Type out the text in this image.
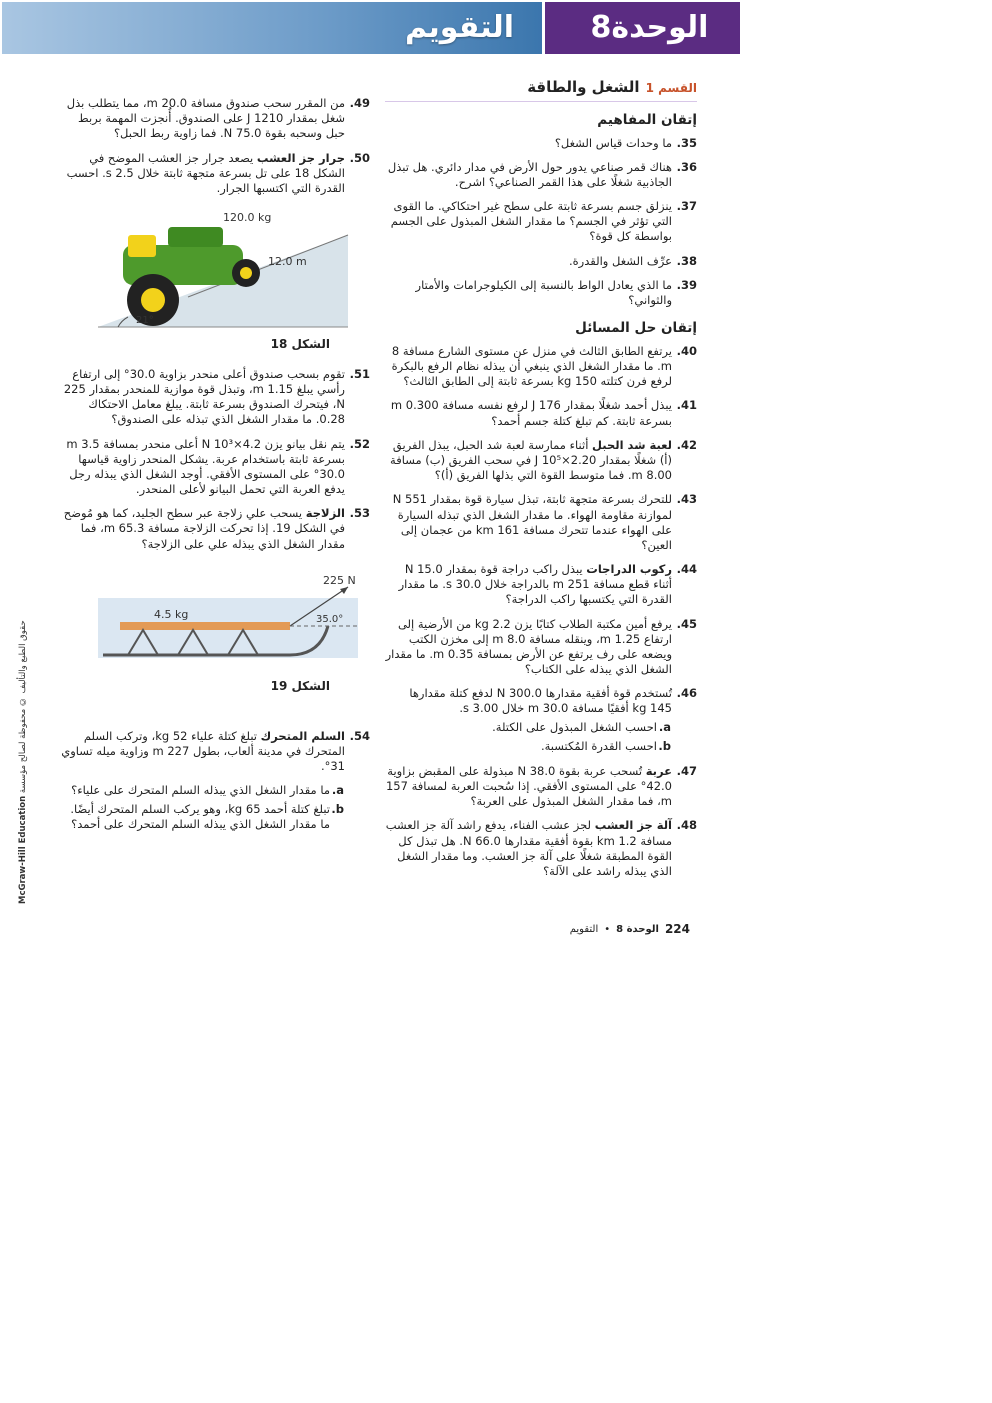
الوحدة
8
التقويم
القسم 1الشغل والطاقة
إتقان المفاهيم
35.
ما وحدات قياس الشغل؟
36.
هناك قمر صناعي يدور حول الأرض في مدار دائري. هل تبذل الجاذبية شغلًا على هذا القمر الصناعي؟ اشرح.
37.
ينزلق جسم بسرعة ثابتة على سطح غير احتكاكي. ما القوى التي تؤثر في الجسم؟ ما مقدار الشغل المبذول على الجسم بواسطة كل قوة؟
38.
عرِّف الشغل والقدرة.
39.
ما الذي يعادل الواط بالنسبة إلى الكيلوجرامات والأمتار والثواني؟
إتقان حل المسائل
40.
يرتفع الطابق الثالث في منزل عن مستوى الشارع مسافة 8 m. ما مقدار الشغل الذي ينبغي أن يبذله نظام الرفع بالبكرة لرفع فرن كتلته 150 kg بسرعة ثابتة إلى الطابق الثالث؟
41.
يبذل أحمد شغلًا بمقدار 176 J لرفع نفسه مسافة 0.300 m بسرعة ثابتة. كم تبلغ كتلة جسم أحمد؟
42.
لعبة شد الحبل أثناء ممارسة لعبة شد الحبل، يبذل الفريق (أ) شغلًا بمقدار 2.20×10⁵ J في سحب الفريق (ب) مسافة 8.00 m. فما متوسط القوة التي بذلها الفريق (أ)؟
43.
للتحرك بسرعة متجهة ثابتة، تبذل سيارة قوة بمقدار 551 N لموازنة مقاومة الهواء. ما مقدار الشغل الذي تبذله السيارة على الهواء عندما تتحرك مسافة 161 km من عجمان إلى العين؟
44.
ركوب الدراجات يبذل راكب دراجة قوة بمقدار 15.0 N أثناء قطع مسافة 251 m بالدراجة خلال 30.0 s. ما مقدار القدرة التي يكتسبها راكب الدراجة؟
45.
يرفع أمين مكتبة الطلاب كتابًا يزن 2.2 kg من الأرضية إلى ارتفاع 1.25 m، وينقله مسافة 8.0 m إلى مخزن الكتب ويضعه على رف يرتفع عن الأرض بمسافة 0.35 m. ما مقدار الشغل الذي يبذله على الكتاب؟
46.
تُستخدم قوة أفقية مقدارها 300.0 N لدفع كتلة مقدارها 145 kg أفقيًا مسافة 30.0 m خلال 3.00 s.
a.
احسب الشغل المبذول على الكتلة.
b.
احسب القدرة المُكتسبة.
47.
عربة تُسحب عربة بقوة 38.0 N مبذولة على المقبض بزاوية 42.0° على المستوى الأفقي. إذا سُحبت العربة لمسافة 157 m، فما مقدار الشغل المبذول على العربة؟
48.
آلة جز العشب لجز عشب الفناء، يدفع راشد آلة جز العشب مسافة 1.2 km بقوة أفقية مقدارها 66.0 N. هل تبذل كل القوة المطبقة شغلًا على آلة جز العشب. وما مقدار الشغل الذي يبذله راشد على الآلة؟
49.
من المقرر سحب صندوق مسافة 20.0 m، مما يتطلب بذل شغل بمقدار 1210 J على الصندوق. أُنجزت المهمة بربط حبل وسحبه بقوة 75.0 N. فما زاوية ربط الحبل؟
50.
جرار جز العشب يصعد جرار جز العشب الموضح في الشكل 18 على تل بسرعة متجهة ثابتة خلال 2.5 s. احسب القدرة التي اكتسبها الجرار.
120.0 kg
12.0 m
21°
الشكل 18
51.
تقوم بسحب صندوق أعلى منحدر بزاوية 30.0° إلى ارتفاع رأسي يبلغ 1.15 m، وتبذل قوة موازية للمنحدر بمقدار 225 N، فيتحرك الصندوق بسرعة ثابتة. يبلغ معامل الاحتكاك 0.28. ما مقدار الشغل الذي تبذله على الصندوق؟
52.
يتم نقل بيانو يزن 4.2×10³ N أعلى منحدر بمسافة 3.5 m بسرعة ثابتة باستخدام عربة. يشكل المنحدر زاوية قياسها 30.0° على المستوى الأفقي. أوجد الشغل الذي يبذله رجل يدفع العربة التي تحمل البيانو لأعلى المنحدر.
53.
الزلاجة يسحب علي زلاجة عبر سطح الجليد، كما هو مُوضح في الشكل 19. إذا تحركت الزلاجة مسافة 65.3 m، فما مقدار الشغل الذي يبذله علي على الزلاجة؟
4.5 kg
225 N
35.0°
الشكل 19
54.
السلم المتحرك تبلغ كتلة علياء 52 kg، وتركب السلم المتحرك في مدينة ألعاب، بطول 227 m وزاوية ميله تساوي 31°.
a.
ما مقدار الشغل الذي يبذله السلم المتحرك على علياء؟
b.
تبلغ كتلة أحمد 65 kg، وهو يركب السلم المتحرك أيضًا. ما مقدار الشغل الذي يبذله السلم المتحرك على أحمد؟
حقوق الطبع والتأليف © محفوظة لصالح مؤسسة McGraw-Hill Education
224
الوحدة 8
•
التقويم
